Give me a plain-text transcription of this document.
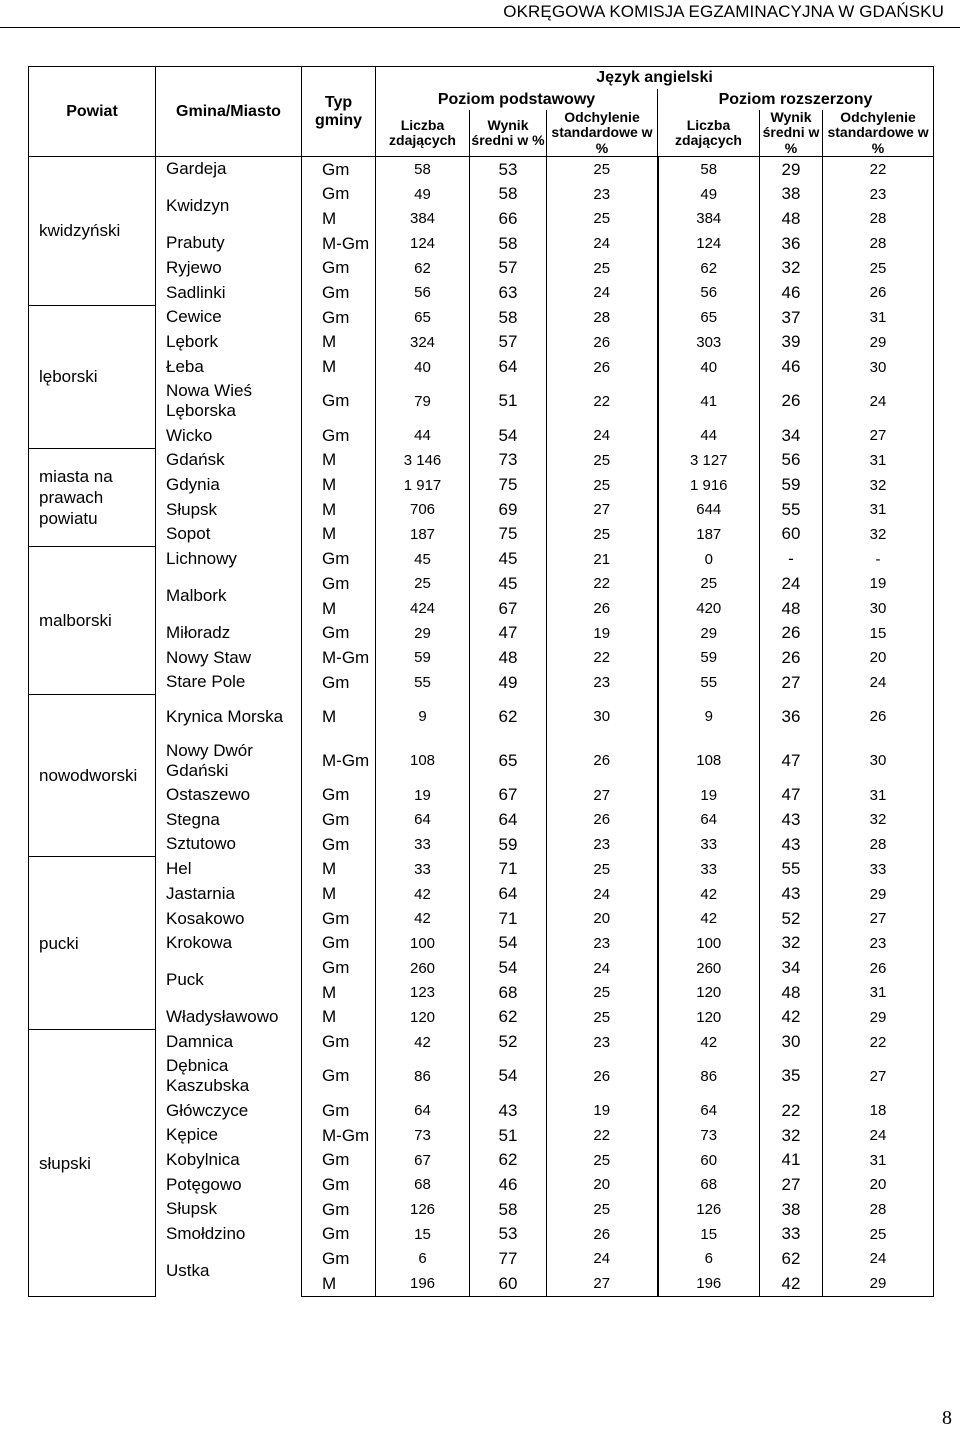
OKRĘGOWA KOMISJA EGZAMINACYJNA W GDAŃSKU
Powiat	Gmina/Miasto	Typ gminy	Język angielski					
			Poziom podstawowy			Poziom rozszerzony		
			Liczba zdających	Wynik średni w %	Odchylenie standardowe w %	Liczba zdających	Wynik średni w %	Odchylenie standardowe w %
kwidzyński	Gardeja	Gm	58	53	25	58	29	22
	Kwidzyn	Gm	49	58	23	49	38	23
		M	384	66	25	384	48	28
	Prabuty	M-Gm	124	58	24	124	36	28
	Ryjewo	Gm	62	57	25	62	32	25
	Sadlinki	Gm	56	63	24	56	46	26
lęborski	Cewice	Gm	65	58	28	65	37	31
	Lębork	M	324	57	26	303	39	29
	Łeba	M	40	64	26	40	46	30
	Nowa Wieś Lęborska	Gm	79	51	22	41	26	24
	Wicko	Gm	44	54	24	44	34	27
miasta na prawach powiatu	Gdańsk	M	3 146	73	25	3 127	56	31
	Gdynia	M	1 917	75	25	1 916	59	32
	Słupsk	M	706	69	27	644	55	31
	Sopot	M	187	75	25	187	60	32
malborski	Lichnowy	Gm	45	45	21	0	-	-
	Malbork	Gm	25	45	22	25	24	19
		M	424	67	26	420	48	30
	Miłoradz	Gm	29	47	19	29	26	15
	Nowy Staw	M-Gm	59	48	22	59	26	20
	Stare Pole	Gm	55	49	23	55	27	24
nowodworski	Krynica Morska	M	9	62	30	9	36	26
	Nowy Dwór Gdański	M-Gm	108	65	26	108	47	30
	Ostaszewo	Gm	19	67	27	19	47	31
	Stegna	Gm	64	64	26	64	43	32
	Sztutowo	Gm	33	59	23	33	43	28
pucki	Hel	M	33	71	25	33	55	33
	Jastarnia	M	42	64	24	42	43	29
	Kosakowo	Gm	42	71	20	42	52	27
	Krokowa	Gm	100	54	23	100	32	23
	Puck	Gm	260	54	24	260	34	26
		M	123	68	25	120	48	31
	Władysławowo	M	120	62	25	120	42	29
słupski	Damnica	Gm	42	52	23	42	30	22
	Dębnica Kaszubska	Gm	86	54	26	86	35	27
	Główczyce	Gm	64	43	19	64	22	18
	Kępice	M-Gm	73	51	22	73	32	24
	Kobylnica	Gm	67	62	25	60	41	31
	Potęgowo	Gm	68	46	20	68	27	20
	Słupsk	Gm	126	58	25	126	38	28
	Smołdzino	Gm	15	53	26	15	33	25
	Ustka	Gm	6	77	24	6	62	24
		M	196	60	27	196	42	29
8
